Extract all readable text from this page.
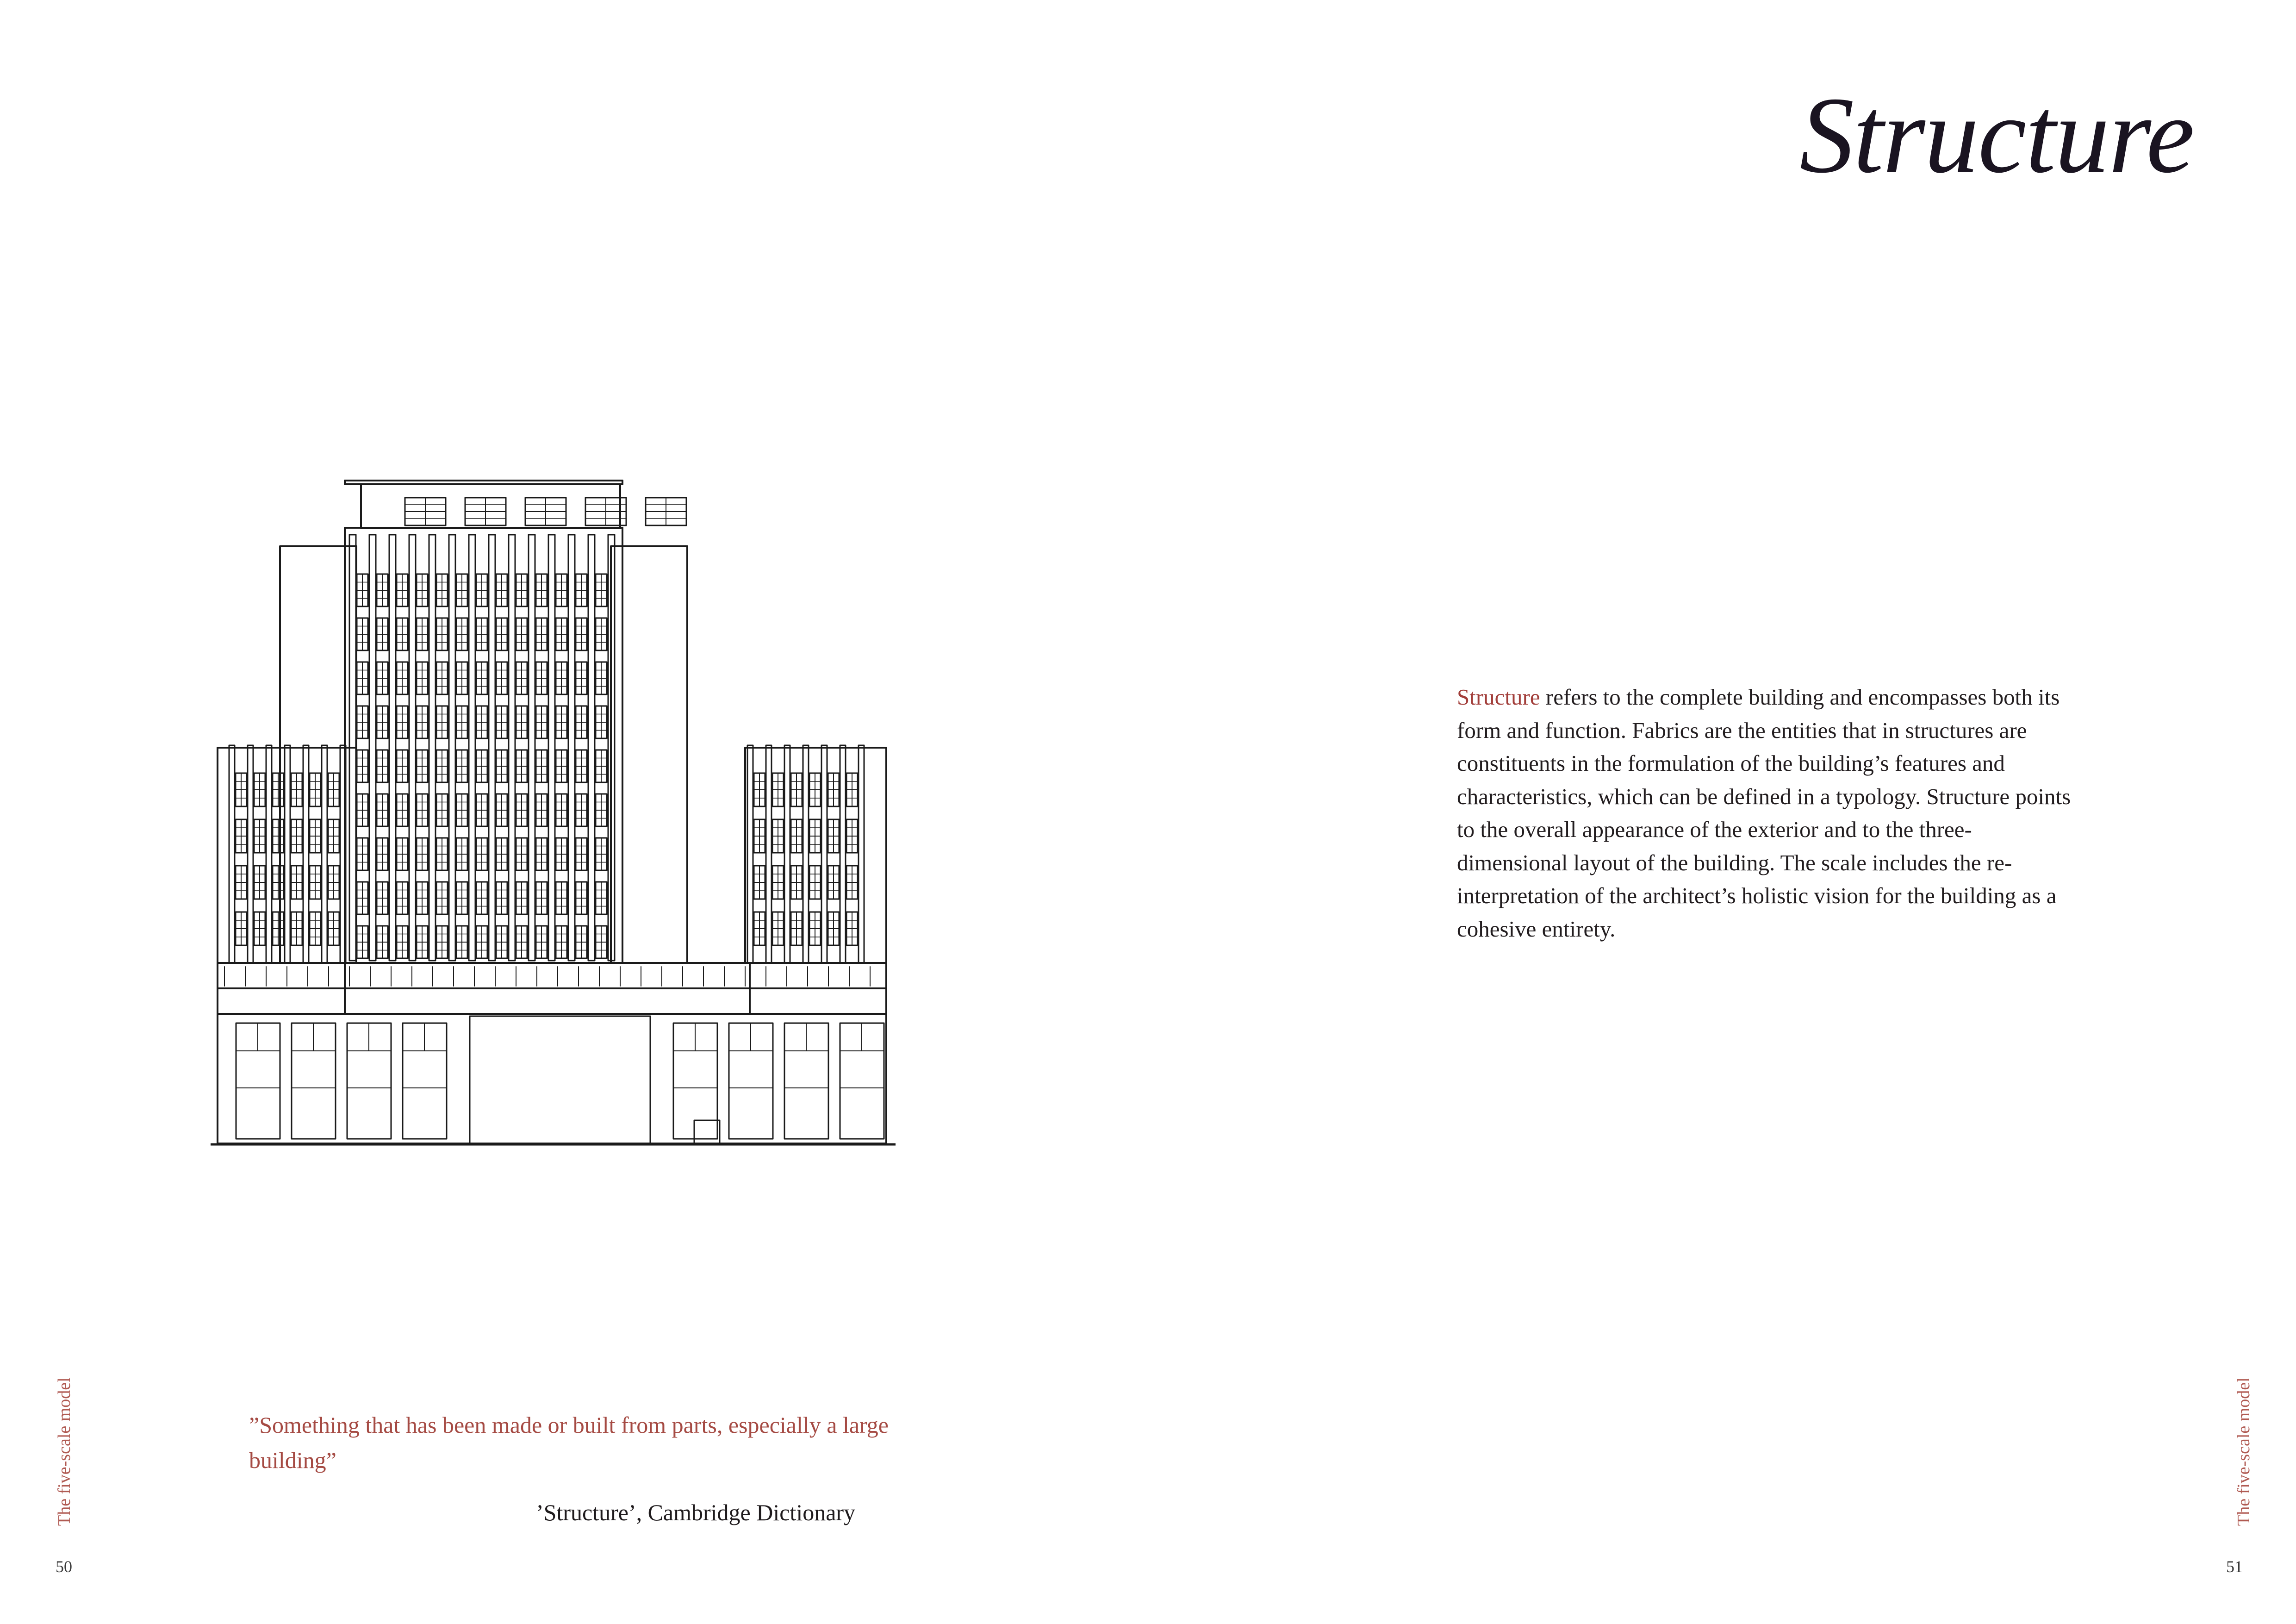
Structure
Structure refers to the complete building and encompasses both its form and function. Fabrics are the entities that in structures are constituents in the formulation of the building’s features and characteristics, which can be defined in a typology. Structure points to the overall appearance of the exterior and to the three-dimensional layout of the building. The scale includes the re-interpretation of the architect’s holistic vision for the building as a cohesive entirety.
”Something that has been made or built from parts, especially a large building”
’Structure’, Cambridge Dictionary
The five-scale model	The five-scale model
50	51
